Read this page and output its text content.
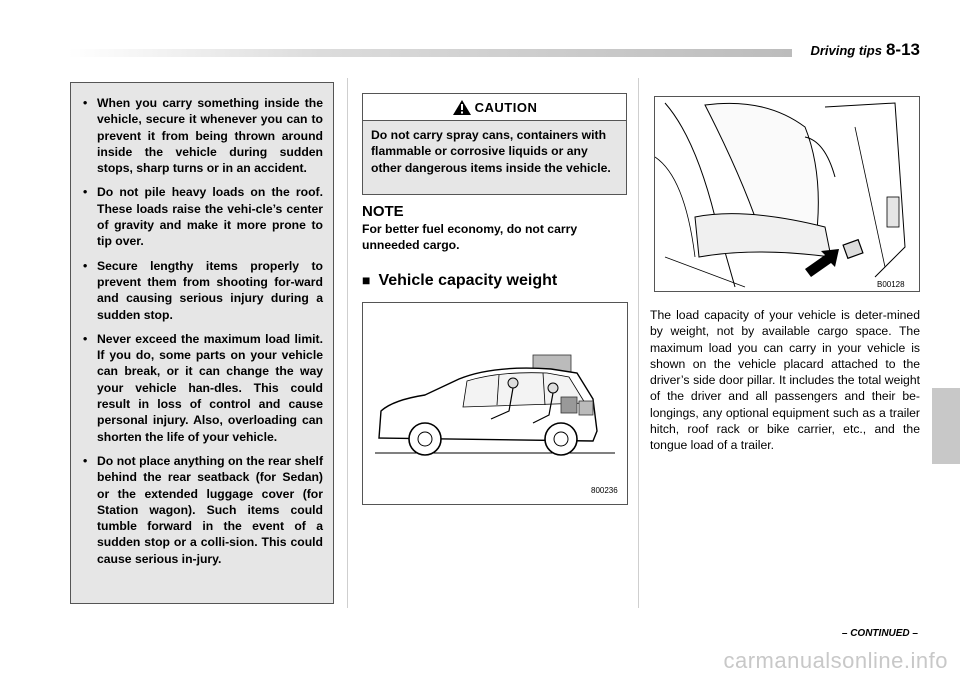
Driving tips 8-13
• When you carry something inside the vehicle, secure it whenever you can to prevent it from being thrown around inside the vehicle during sudden stops, sharp turns or in an accident.
• Do not pile heavy loads on the roof. These loads raise the vehi-cle’s center of gravity and make it more prone to tip over.
• Secure lengthy items properly to prevent them from shooting for-ward and causing serious injury during a sudden stop.
• Never exceed the maximum load limit. If you do, some parts on your vehicle can break, or it can change the way your vehicle han-dles. This could result in loss of control and cause personal injury. Also, overloading can shorten the life of your vehicle.
• Do not place anything on the rear shelf behind the rear seatback (for Sedan) or the extended luggage cover (for Station wagon). Such items could tumble forward in the event of a sudden stop or a colli-sion. This could cause serious in-jury.
CAUTION
Do not carry spray cans, containers with flammable or corrosive liquids or any other dangerous items inside the vehicle.
NOTE
For better fuel economy, do not carry unneeded cargo.
■ Vehicle capacity weight
800236
B00128
The load capacity of your vehicle is deter-mined by weight, not by available cargo space. The maximum load you can carry in your vehicle is shown on the vehicle placard attached to the driver’s side door pillar. It includes the total weight of the driver and all passengers and their be-longings, any optional equipment such as a trailer hitch, roof rack or bike carrier, etc., and the tongue load of a trailer.
– CONTINUED –
carmanualsonline.info
